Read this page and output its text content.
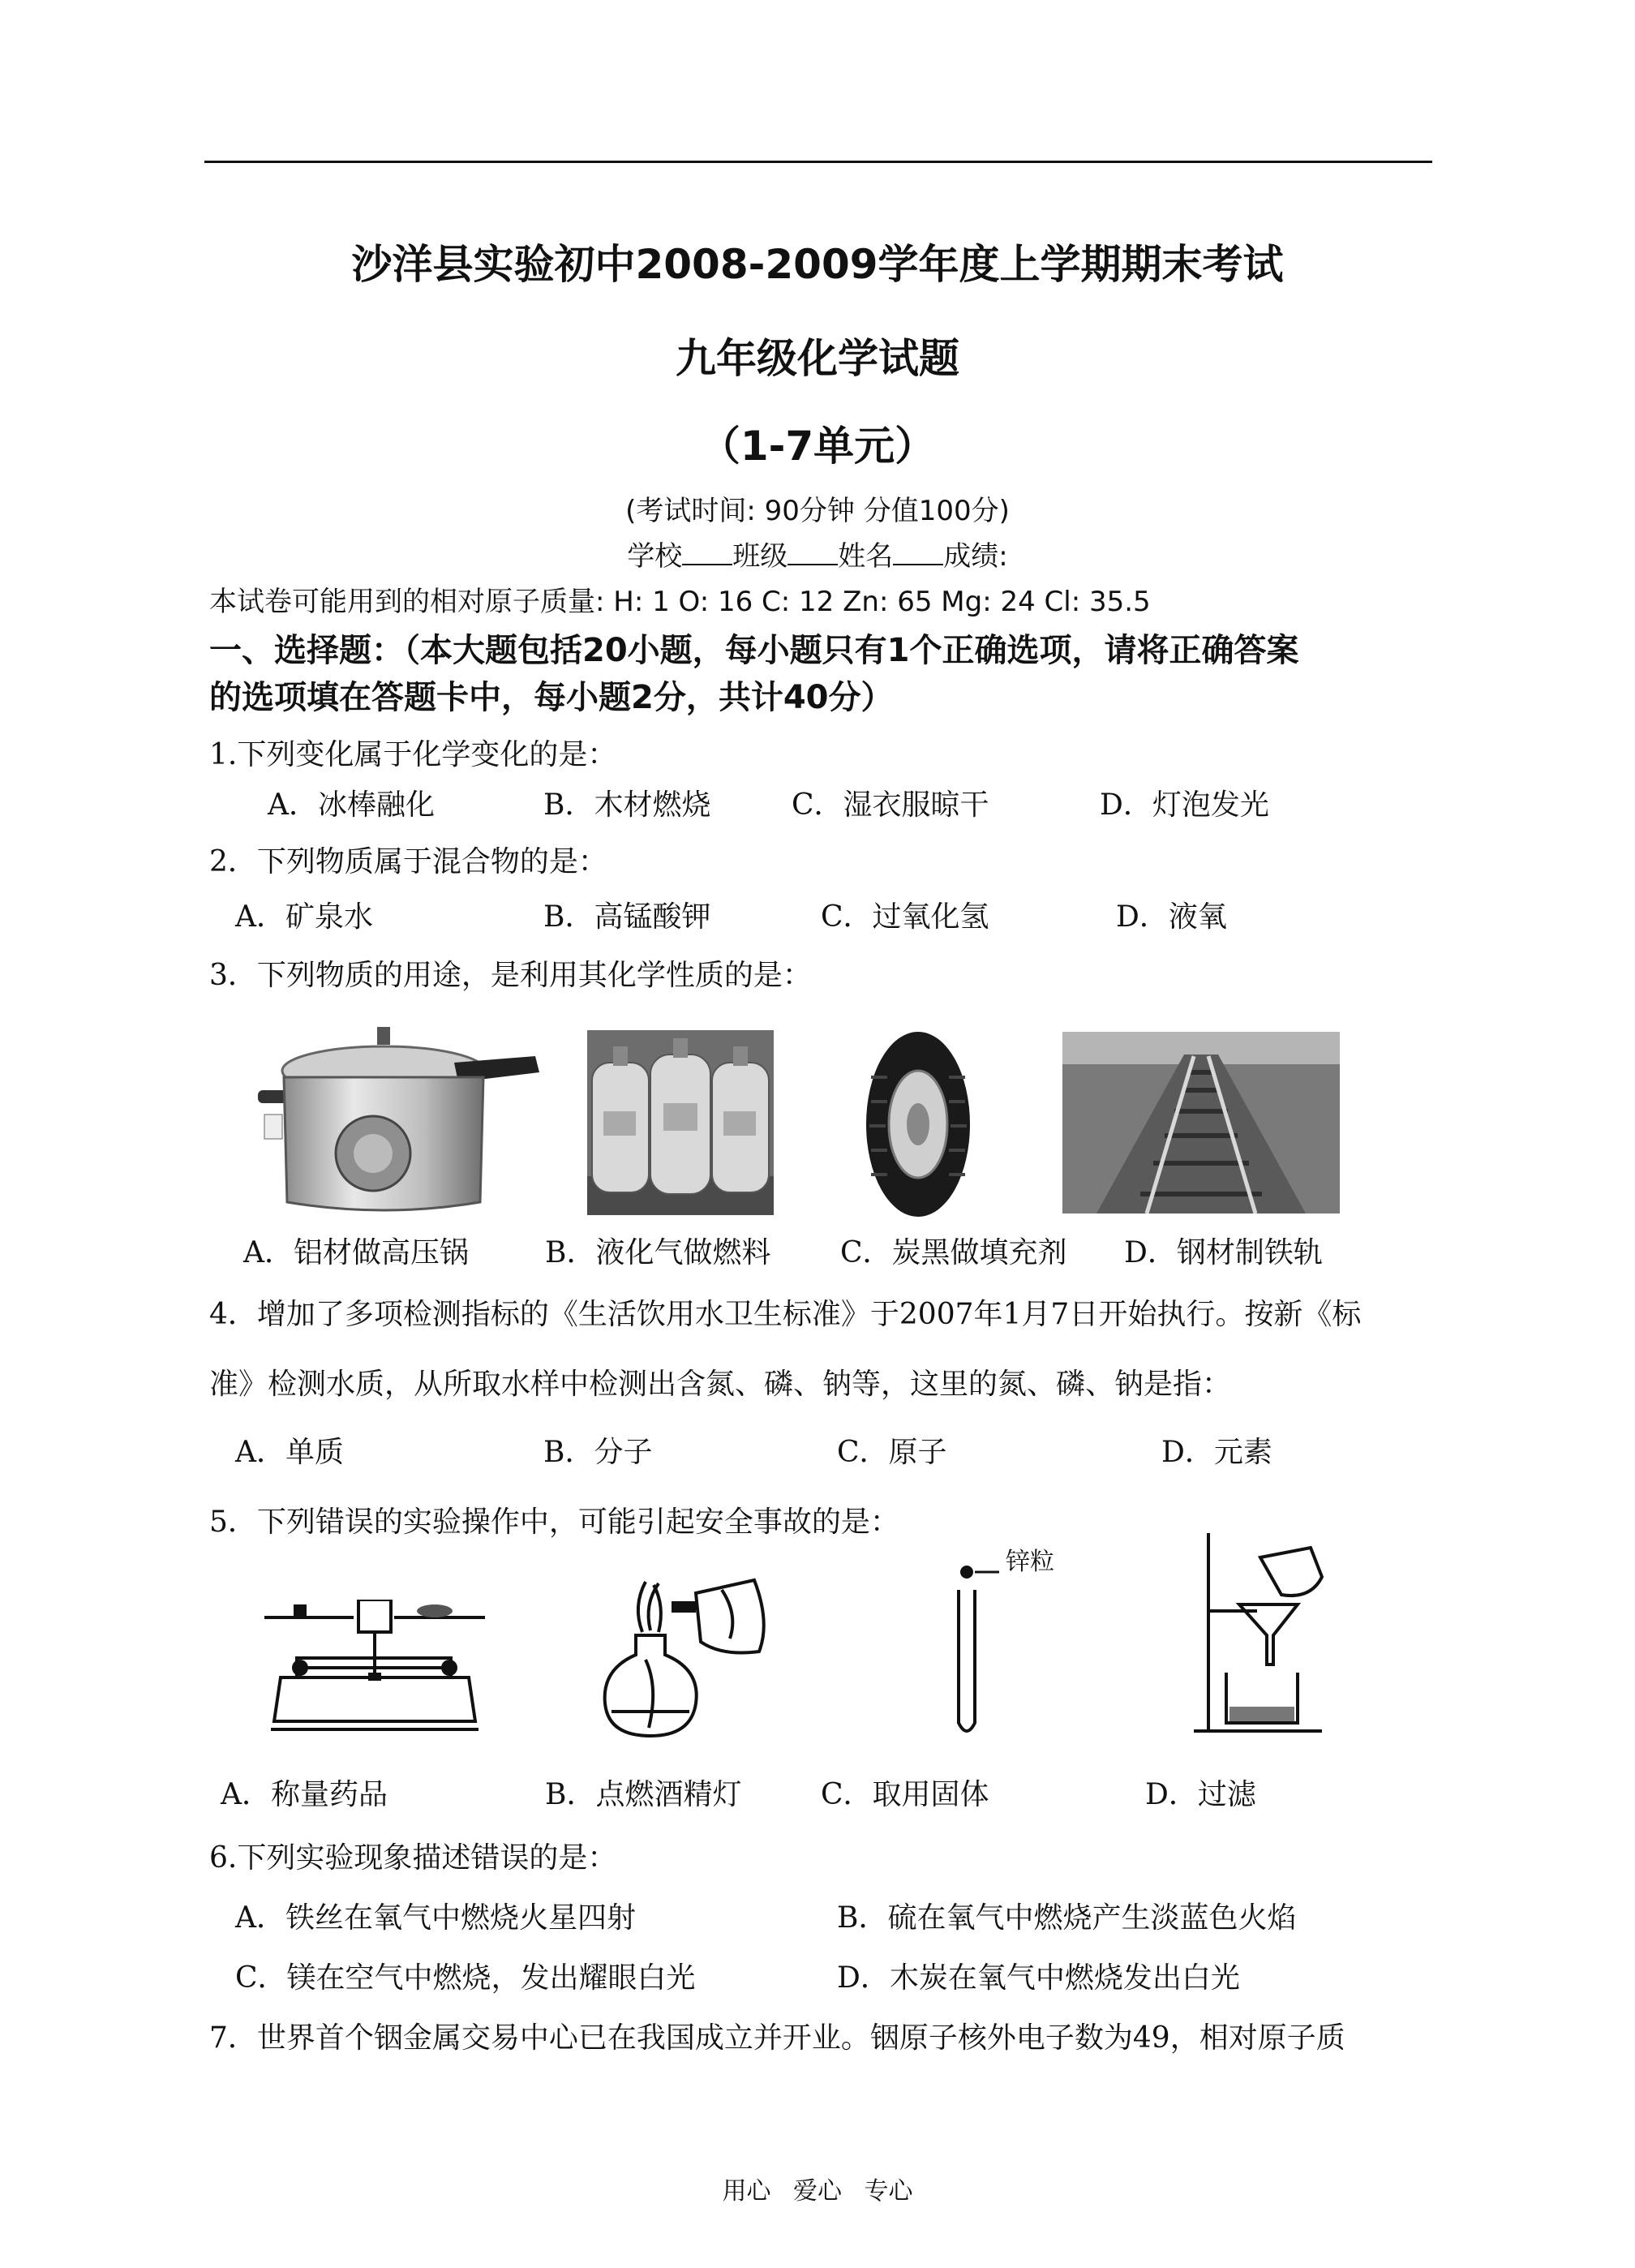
沙洋县实验初中2008-2009学年度上学期期末考试
九年级化学试题
（1-7单元）
(考试时间: 90分钟 分值100分)
学校 班级 姓名 成绩:
本试卷可能用到的相对原子质量: H: 1 O: 16 C: 12 Zn: 65 Mg: 24 Cl: 35.5
一、选择题：（本大题包括20小题，每小题只有1个正确选项，请将正确答案
的选项填在答题卡中，每小题2分，共计40分）
1.下列变化属于化学变化的是：
A．冰棒融化	B．木材燃烧	C．湿衣服晾干	D．灯泡发光
2．下列物质属于混合物的是：
A．矿泉水	B．高锰酸钾	C．过氧化氢	D．液氧
3．下列物质的用途，是利用其化学性质的是：
A．铝材做高压锅	B．液化气做燃料 C．炭黑做填充剂 D．钢材制铁轨
4．增加了多项检测指标的《生活饮用水卫生标准》于2007年1月7日开始执行。按新《标
准》检测水质，从所取水样中检测出含氮、磷、钠等，这里的氮、磷、钠是指：
A．单质	B．分子	C．原子	D．元素
5．下列错误的实验操作中，可能引起安全事故的是：
锌粒
A．称量药品	B．点燃酒精灯	C．取用固体	D．过滤
6.下列实验现象描述错误的是：
A．铁丝在氧气中燃烧火星四射	B．硫在氧气中燃烧产生淡蓝色火焰
C．镁在空气中燃烧，发出耀眼白光	D．木炭在氧气中燃烧发出白光
7．世界首个铟金属交易中心已在我国成立并开业。铟原子核外电子数为49，相对原子质
用心 爱心 专心
